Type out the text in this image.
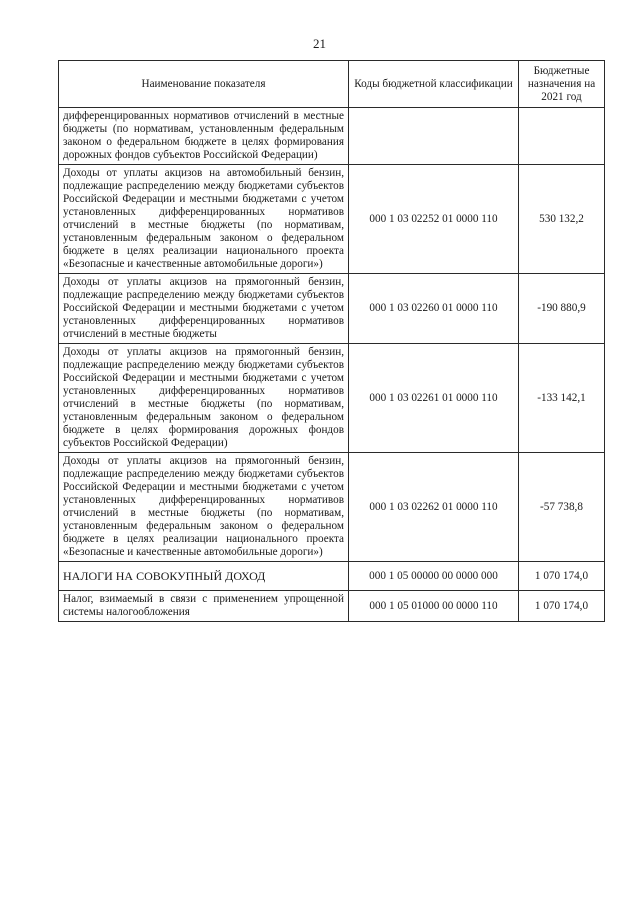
21
Наименование показателя	Коды бюджетной классификации	Бюджетные назначения на 2021 год
дифференцированных нормативов отчислений в местные бюджеты (по нормативам, установленным федеральным законом о федеральном бюджете в целях формирования дорожных фондов субъектов Российской Федерации)		
Доходы от уплаты акцизов на автомобильный бензин, подлежащие распределению между бюджетами субъектов Российской Федерации и местными бюджетами с учетом установленных дифференцированных нормативов отчислений в местные бюджеты (по нормативам, установленным федеральным законом о федеральном бюджете в целях реализации национального проекта «Безопасные и качественные автомобильные дороги»)	000 1 03 02252 01 0000 110	530 132,2
Доходы от уплаты акцизов на прямогонный бензин, подлежащие распределению между бюджетами субъектов Российской Федерации и местными бюджетами с учетом установленных дифференцированных нормативов отчислений в местные бюджеты	000 1 03 02260 01 0000 110	-190 880,9
Доходы от уплаты акцизов на прямогонный бензин, подлежащие распределению между бюджетами субъектов Российской Федерации и местными бюджетами с учетом установленных дифференцированных нормативов отчислений в местные бюджеты (по нормативам, установленным федеральным законом о федеральном бюджете в целях формирования дорожных фондов субъектов Российской Федерации)	000 1 03 02261 01 0000 110	-133 142,1
Доходы от уплаты акцизов на прямогонный бензин, подлежащие распределению между бюджетами субъектов Российской Федерации и местными бюджетами с учетом установленных дифференцированных нормативов отчислений в местные бюджеты (по нормативам, установленным федеральным законом о федеральном бюджете в целях реализации национального проекта «Безопасные и качественные автомобильные дороги»)	000 1 03 02262 01 0000 110	-57 738,8
НАЛОГИ НА СОВОКУПНЫЙ ДОХОД	000 1 05 00000 00 0000 000	1 070 174,0
Налог, взимаемый в связи с применением упрощенной системы налогообложения	000 1 05 01000 00 0000 110	1 070 174,0
